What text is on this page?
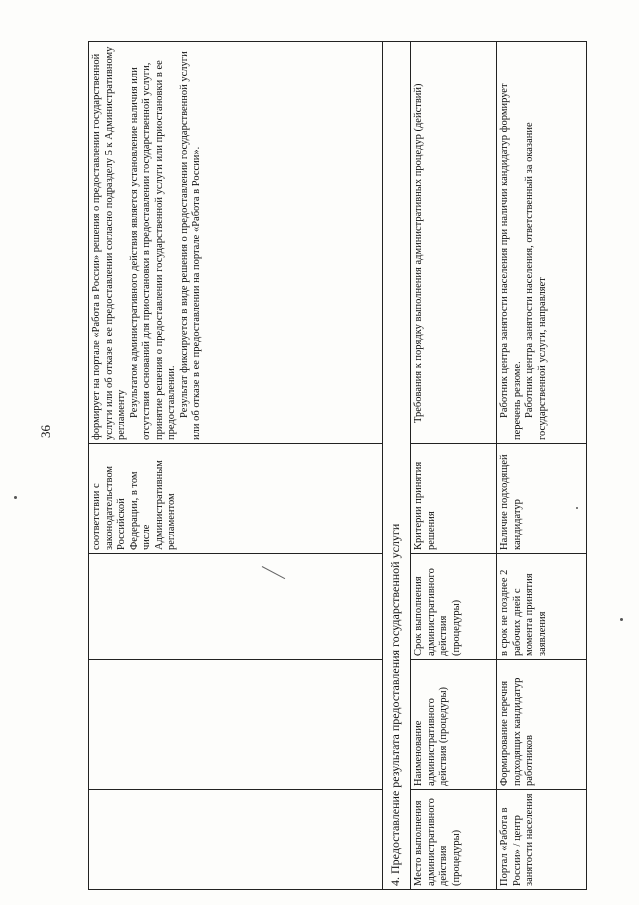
36
			соответствии с законодательством Российской Федерации, в том числе Административным регламентом	формирует на портале «Работа в России» решения о предоставлении государственной услуги или об отказе в ее предоставлении согласно подразделу 5 к Административному регламенту Результатом административного действия является установление наличия или отсутствия оснований для приостановки в предоставлении государственной услуги, принятие решения о предоставлении государственной услуги или приостановки в ее предоставлении. Результат фиксируется в виде решения о предоставлении государственной услуги или об отказе в ее предоставлении на портале «Работа в России».

4. Предоставление результата предоставления государственной услуги				
Место выполнения административного действия (процедуры)	Наименование административного действия (процедуры)	Срок выполнения административного действия (процедуры)	Критерии принятия решения	Требования к порядку выполнения административных процедур (действий)
Портал «Работа в России» / центр занятости населения	Формирование перечня подходящих кандидатур работников	в срок не позднее 2 рабочих дней с момента принятия заявления	Наличие подходящей кандидатур	Работник центра занятости населения при наличии кандидатур формирует перечень резюме. Работник центра занятости населения, ответственный за оказание государственной услуги, направляет
